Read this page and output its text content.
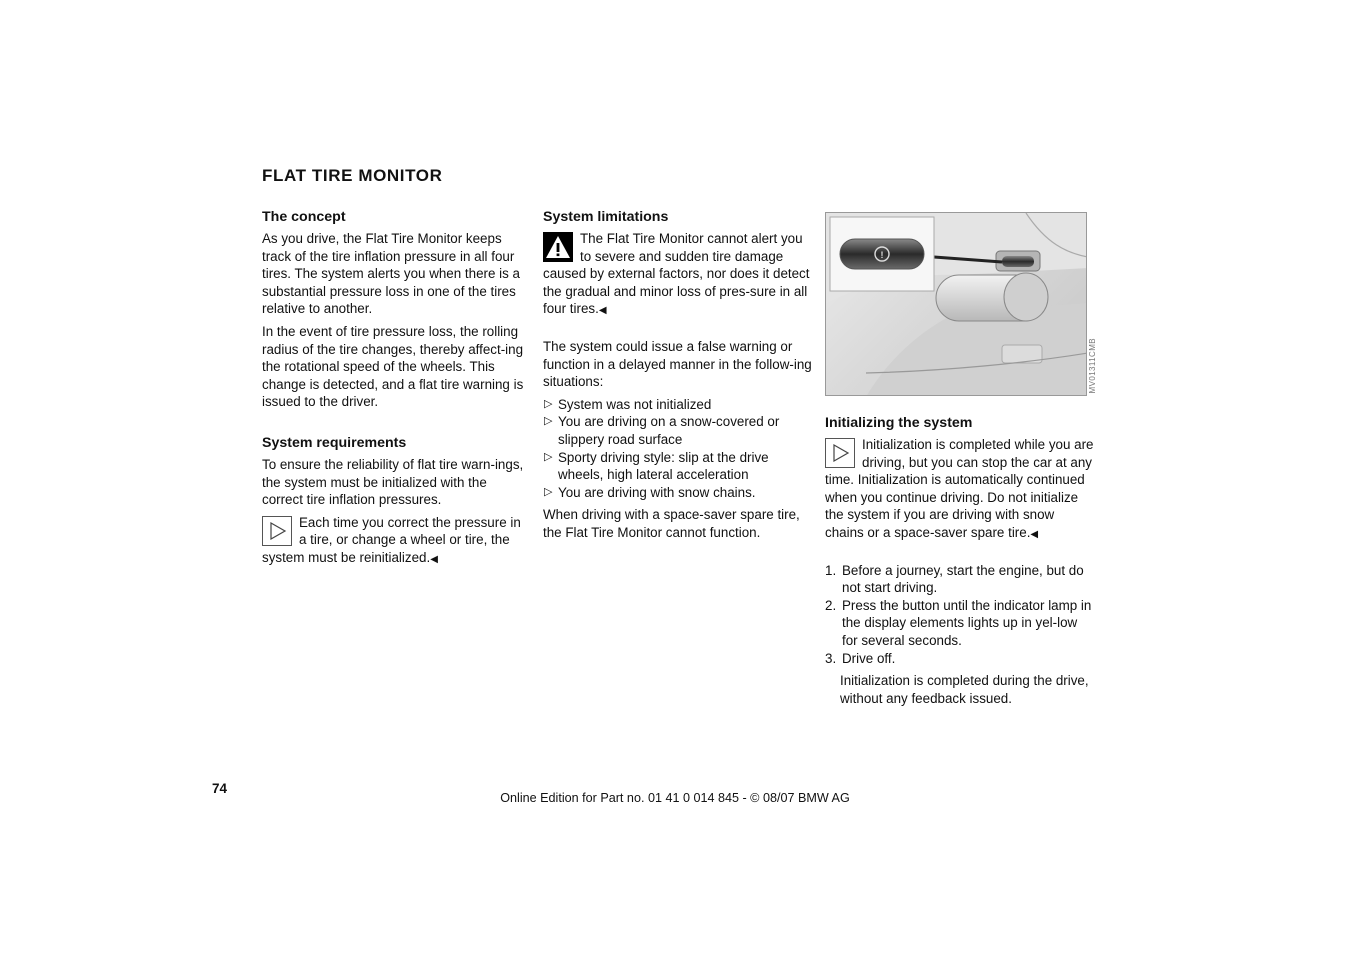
FLAT TIRE MONITOR
The concept

As you drive, the Flat Tire Monitor keeps track of the tire inflation pressure in all four tires. The system alerts you when there is a substantial pressure loss in one of the tires relative to another.

In the event of tire pressure loss, the rolling radius of the tire changes, thereby affect-ing the rotational speed of the wheels. This change is detected, and a flat tire warning is issued to the driver.

System requirements

To ensure the reliability of flat tire warn-ings, the system must be initialized with the correct tire inflation pressures.

Each time you correct the pressure in a tire, or change a wheel or tire, the system must be reinitialized.◀
System limitations
The Flat Tire Monitor cannot alert you to severe and sudden tire damage caused by external factors, nor does it detect the gradual and minor loss of pres-sure in all four tires.◀

The system could issue a false warning or function in a delayed manner in the follow-ing situations:

▷ System was not initialized
▷ You are driving on a snow-covered or slippery road surface
▷ Sporty driving style: slip at the drive wheels, high lateral acceleration
▷ You are driving with snow chains.

When driving with a space-saver spare tire, the Flat Tire Monitor cannot function.

!
Initializing the system
Initialization is completed while you are driving, but you can stop the car at any time. Initialization is automatically continued when you continue driving. Do not initialize the system if you are driving with snow chains or a space-saver spare tire.◀
1. Before a journey, start the engine, but do not start driving.
2. Press the button until the indicator lamp in the display elements lights up in yel-low for several seconds.
3. Drive off.

Initialization is completed during the drive, without any feedback issued.

MV01311CMB
74
Online Edition for Part no. 01 41 0 014 845 - © 08/07 BMW AG
